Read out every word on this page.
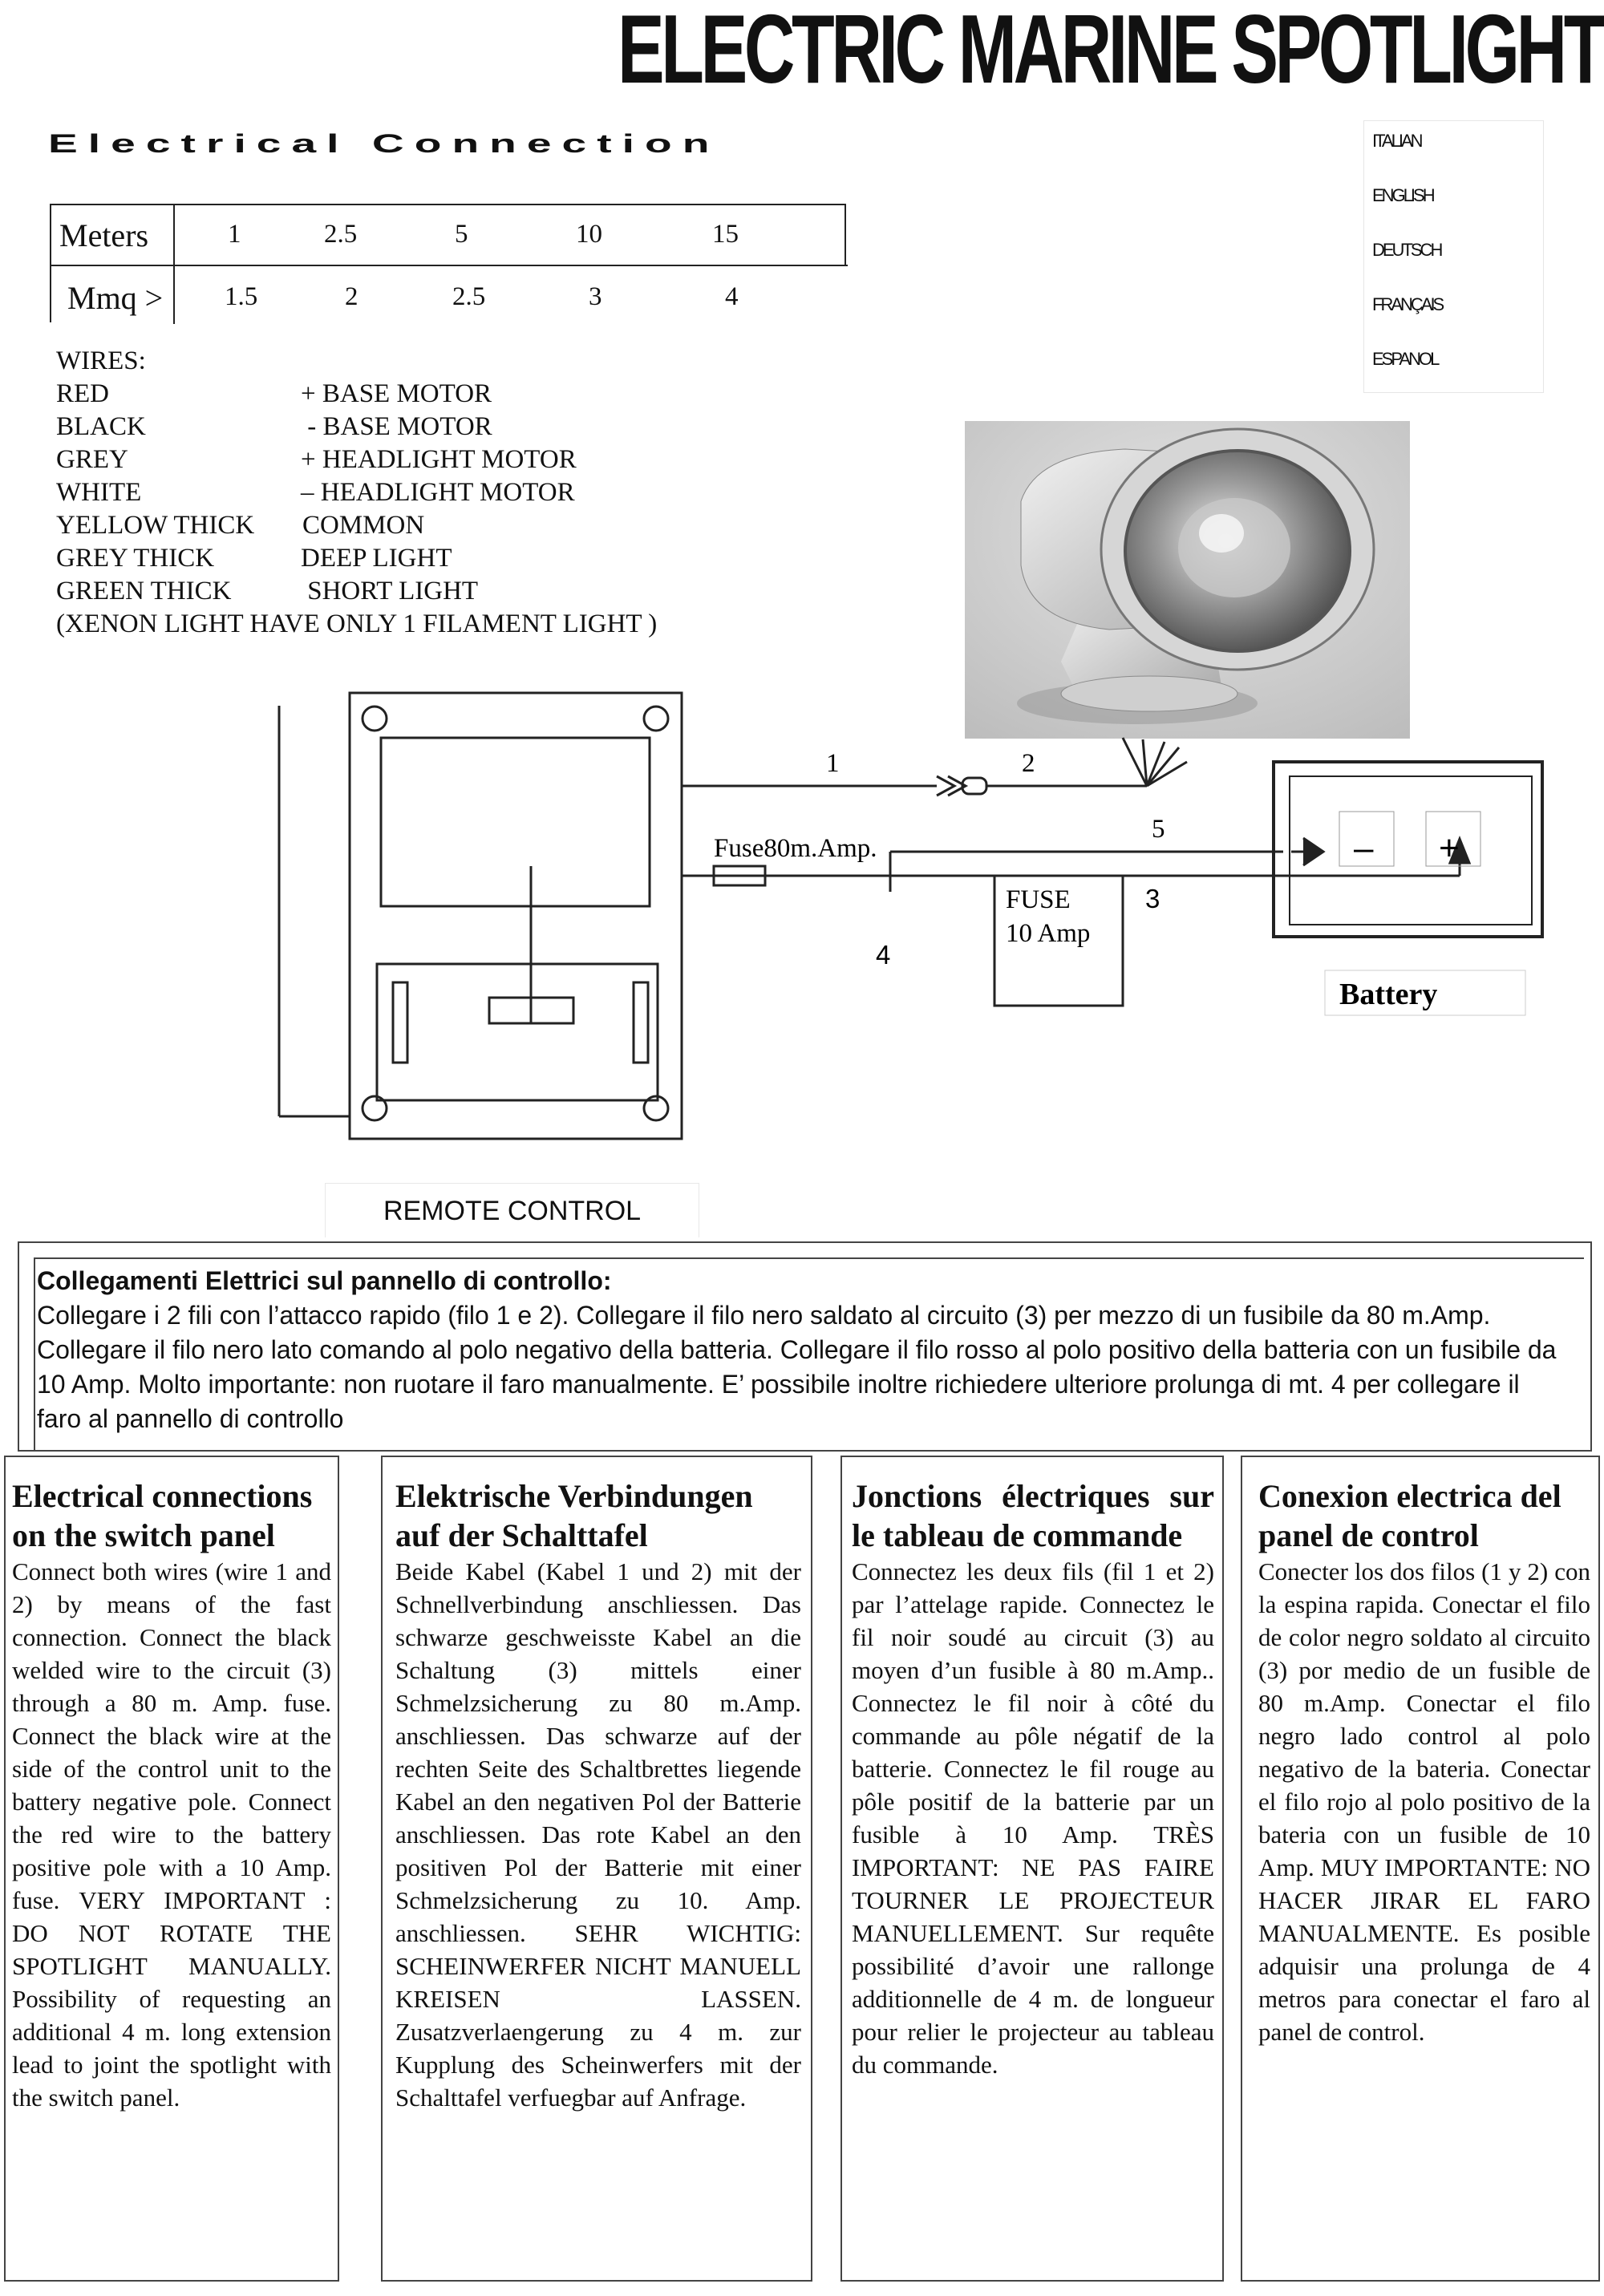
ELECTRIC MARINE SPOTLIGHT
Electrical Connection	ITALIAN
ENGLISH
DEUTSCH
FRANÇAIS
ESPANOL
Meters	1	2.5	5	10	15
Mmq > 1.5	2	2.5	3	4
WIRES:
RED	+ BASE MOTOR
BLACK	- BASE MOTOR
GREY	+ HEADLIGHT MOTOR
WHITE	– HEADLIGHT MOTOR
YELLOW THICK COMMON
GREY THICK	DEEP LIGHT
GREEN THICK	SHORT LIGHT
(XENON LIGHT HAVE ONLY 1 FILAMENT LIGHT )
1	2
5
3
4
Fuse80m.Amp.
FUSE
10 Amp
– +
Battery
REMOTE CONTROL
Collegamenti Elettrici sul pannello di controllo:
Collegare i 2 fili con l’attacco rapido (filo 1 e 2). Collegare il filo nero saldato al circuito (3) per mezzo di un fusibile da 80 m.Amp. Collegare il filo nero lato comando al polo negativo della batteria. Collegare il filo rosso al polo positivo della batteria con un fusibile da 10 Amp. Molto importante: non ruotare il faro manualmente. E’ possibile inoltre richiedere ulteriore prolunga di mt. 4 per collegare il faro al pannello di controllo
Electrical connections on the switch panel
Connect both wires (wire 1 and 2) by means of the fast connection. Connect the black welded wire to the circuit (3) through a 80 m. Amp. fuse. Connect the black wire at the side of the control unit to the battery negative pole. Connect the red wire to the battery positive pole with a 10 Amp. fuse. VERY IMPORTANT : DO NOT ROTATE THE SPOTLIGHT MANUALLY. Possibility of requesting an additional 4 m. long extension lead to joint the spotlight with the switch panel.
Elektrische Verbindungen auf der Schalttafel
Beide Kabel (Kabel 1 und 2) mit der Schnellverbindung anschliessen. Das schwarze geschweisste Kabel an die Schaltung (3) mittels einer Schmelzsicherung zu 80 m.Amp. anschliessen. Das schwarze auf der rechten Seite des Schaltbrettes liegende Kabel an den negativen Pol der Batterie anschliessen. Das rote Kabel an den positiven Pol der Batterie mit einer Schmelzsicherung zu 10. Amp. anschliessen. SEHR WICHTIG: SCHEINWERFER NICHT MANUELL KREISEN LASSEN. Zusatzverlaengerung zu 4 m. zur Kupplung des Scheinwerfers mit der Schalttafel verfuegbar auf Anfrage.
Jonctions électriques sur le tableau de commande
Connectez les deux fils (fil 1 et 2) par l’attelage rapide. Connectez le fil noir soudé au circuit (3) au moyen d’un fusible à 80 m.Amp.. Connectez le fil noir à côté du commande au pôle négatif de la batterie. Connectez le fil rouge au pôle positif de la batterie par un fusible à 10 Amp. TRÈS IMPORTANT: NE PAS FAIRE TOURNER LE PROJECTEUR MANUELLEMENT. Sur requête possibilité d’avoir une rallonge additionnelle de 4 m. de longueur pour relier le projecteur au tableau du commande.
Conexion electrica del panel de control
Conecter los dos filos (1 y 2) con la espina rapida. Conectar el filo de color negro soldato al circuito (3) por medio de un fusible de 80 m.Amp. Conectar el filo negro lado control al polo negativo de la bateria. Conectar el filo rojo al polo positivo de la bateria con un fusible de 10 Amp. MUY IMPORTANTE: NO HACER JIRAR EL FARO MANUALMENTE. Es posible adquisir una prolunga de 4 metros para conectar el faro al panel de control.
